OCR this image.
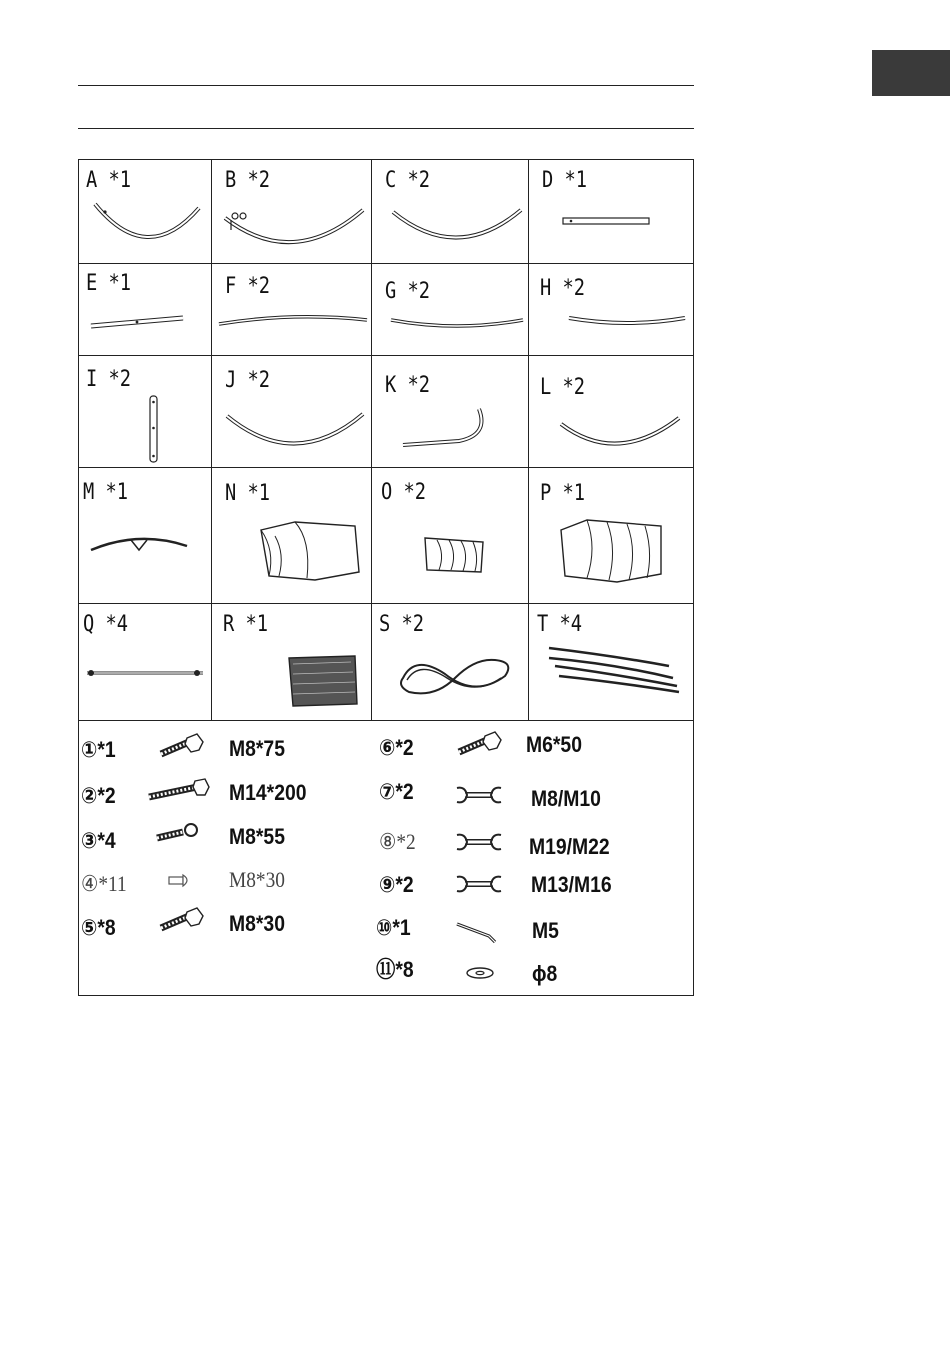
A *1	B *2	C *2	D *1
E *1	F *2	G *2	H *2
I *2	J *2	K *2	L *2
M *1	N *1	O *2	P *1
Q *4	R *1	S *2	T *4
①*1	M8*75
②*2	M14*200
③*4	M8*55
④*11	M8*30
⑤*8	M8*30
⑥*2	M6*50
⑦*2	M8/M10
⑧*2	M19/M22
⑨*2	M13/M16
⑩*1	M5
⑪*8	ϕ8
